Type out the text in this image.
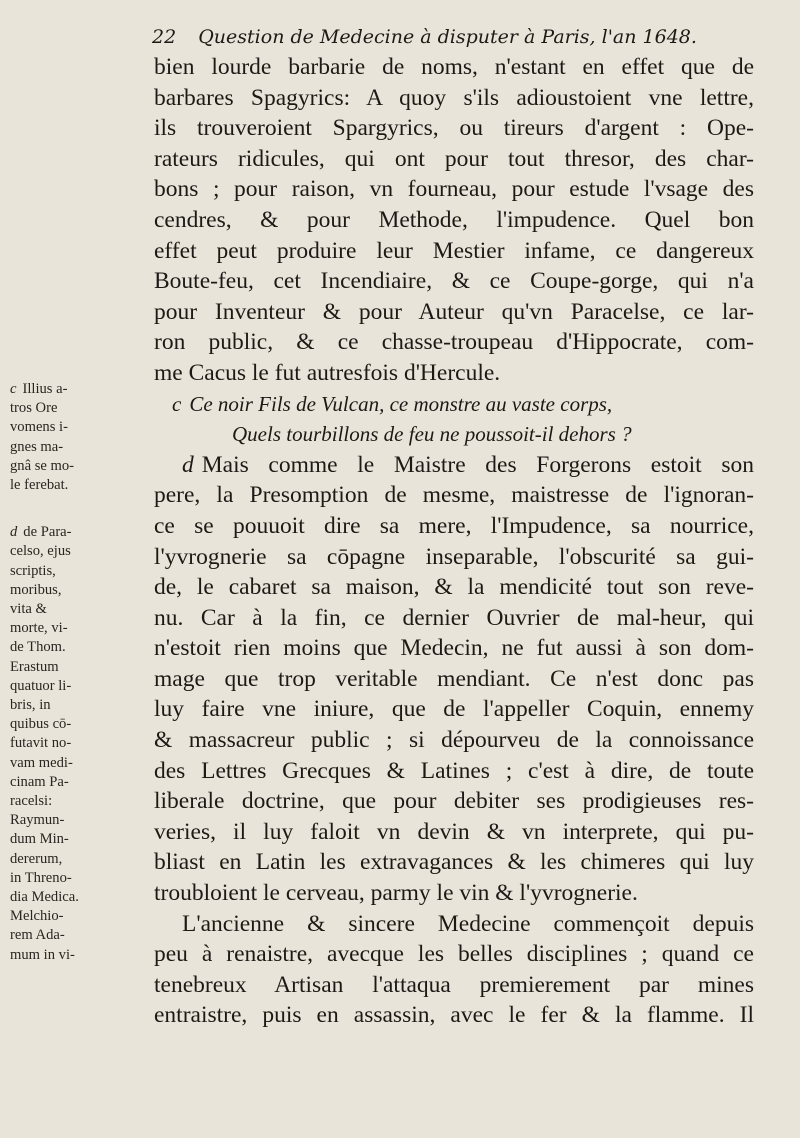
22 Question de Medecine à disputer à Paris, l'an 1648.
bien lourde barbarie de noms, n'estant en effet que de
barbares Spagyrics: A quoy s'ils adioustoient vne lettre,
ils trouveroient Spargyrics, ou tireurs d'argent : Ope-
rateurs ridicules, qui ont pour tout thresor, des char-
bons ; pour raison, vn fourneau, pour estude l'vsage des
cendres, & pour Methode, l'impudence. Quel bon
effet peut produire leur Mestier infame, ce dangereux
Boute-feu, cet Incendiaire, & ce Coupe-gorge, qui n'a
pour Inventeur & pour Auteur qu'vn Paracelse, ce lar-
ron public, & ce chasse-troupeau d'Hippocrate, com-
me Cacus le fut autresfois d'Hercule.
c Ce noir Fils de Vulcan, ce monstre au vaste corps,
Quels tourbillons de feu ne poussoit-il dehors ?
d Mais comme le Maistre des Forgerons estoit son
pere, la Presomption de mesme, maistresse de l'ignoran-
ce se pouuoit dire sa mere, l'Impudence, sa nourrice,
l'yvrognerie sa cōpagne inseparable, l'obscurité sa gui-
de, le cabaret sa maison, & la mendicité tout son reve-
nu. Car à la fin, ce dernier Ouvrier de mal-heur, qui
n'estoit rien moins que Medecin, ne fut aussi à son dom-
mage que trop veritable mendiant. Ce n'est donc pas
luy faire vne iniure, que de l'appeller Coquin, ennemy
& massacreur public ; si dépourveu de la connoissance
des Lettres Grecques & Latines ; c'est à dire, de toute
liberale doctrine, que pour debiter ses prodigieuses res-
veries, il luy faloit vn devin & vn interprete, qui pu-
bliast en Latin les extravagances & les chimeres qui luy
troubloient le cerveau, parmy le vin & l'yvrognerie.
L'ancienne & sincere Medecine commençoit depuis
peu à renaistre, avecque les belles disciplines ; quand ce
tenebreux Artisan l'attaqua premierement par mines
entraistre, puis en assassin, avec le fer & la flamme. Il
c Illius a-
tros Ore
vomens i-
gnes ma-
gnâ se mo-
le ferebat.
d de Para-
celso, ejus
scriptis,
moribus,
vita &
morte, vi-
de Thom.
Erastum
quatuor li-
bris, in
quibus cō-
futavit no-
vam medi-
cinam Pa-
racelsi:
Raymun-
dum Min-
dererum,
in Threno-
dia Medica.
Melchio-
rem Ada-
mum in vi-
